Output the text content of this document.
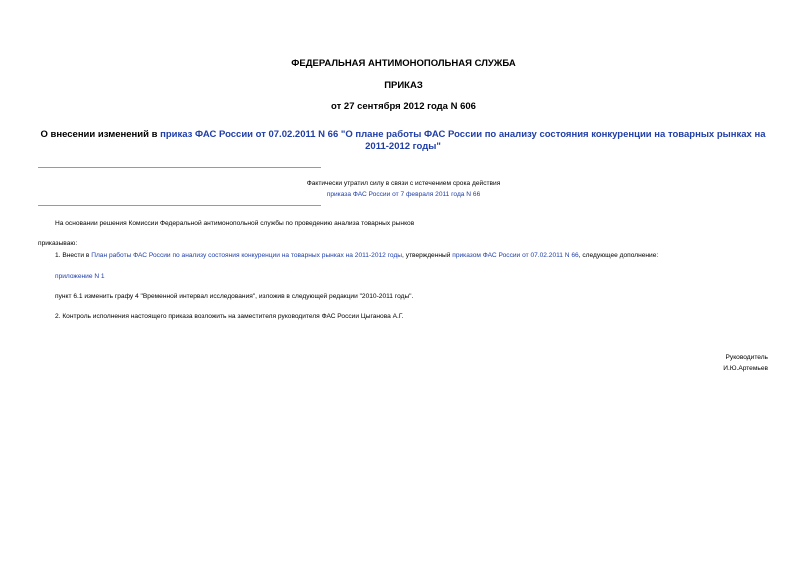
ФЕДЕРАЛЬНАЯ АНТИМОНОПОЛЬНАЯ СЛУЖБА
ПРИКАЗ
от 27 сентября 2012 года N 606
О внесении изменений в приказ ФАС России от 07.02.2011 N 66 "О плане работы ФАС России по анализу состояния конкуренции на товарных рынках на 2011-2012 годы"
Фактически утратил силу в связи с истечением срока действия
приказа ФАС России от 7 февраля 2011 года N 66
На основании решения Комиссии Федеральной антимонопольной службы по проведению анализа товарных рынков
приказываю:
1. Внести в План работы ФАС России по анализу состояния конкуренции на товарных рынках на 2011-2012 годы, утвержденный приказом ФАС России от 07.02.2011 N 66, следующее дополнение:
приложение N 1
пункт 6.1 изменить графу 4 "Временной интервал исследования", изложив в следующей редакции "2010-2011 годы".
2. Контроль исполнения настоящего приказа возложить на заместителя руководителя ФАС России Цыганова А.Г.
Руководитель
И.Ю.Артемьев
